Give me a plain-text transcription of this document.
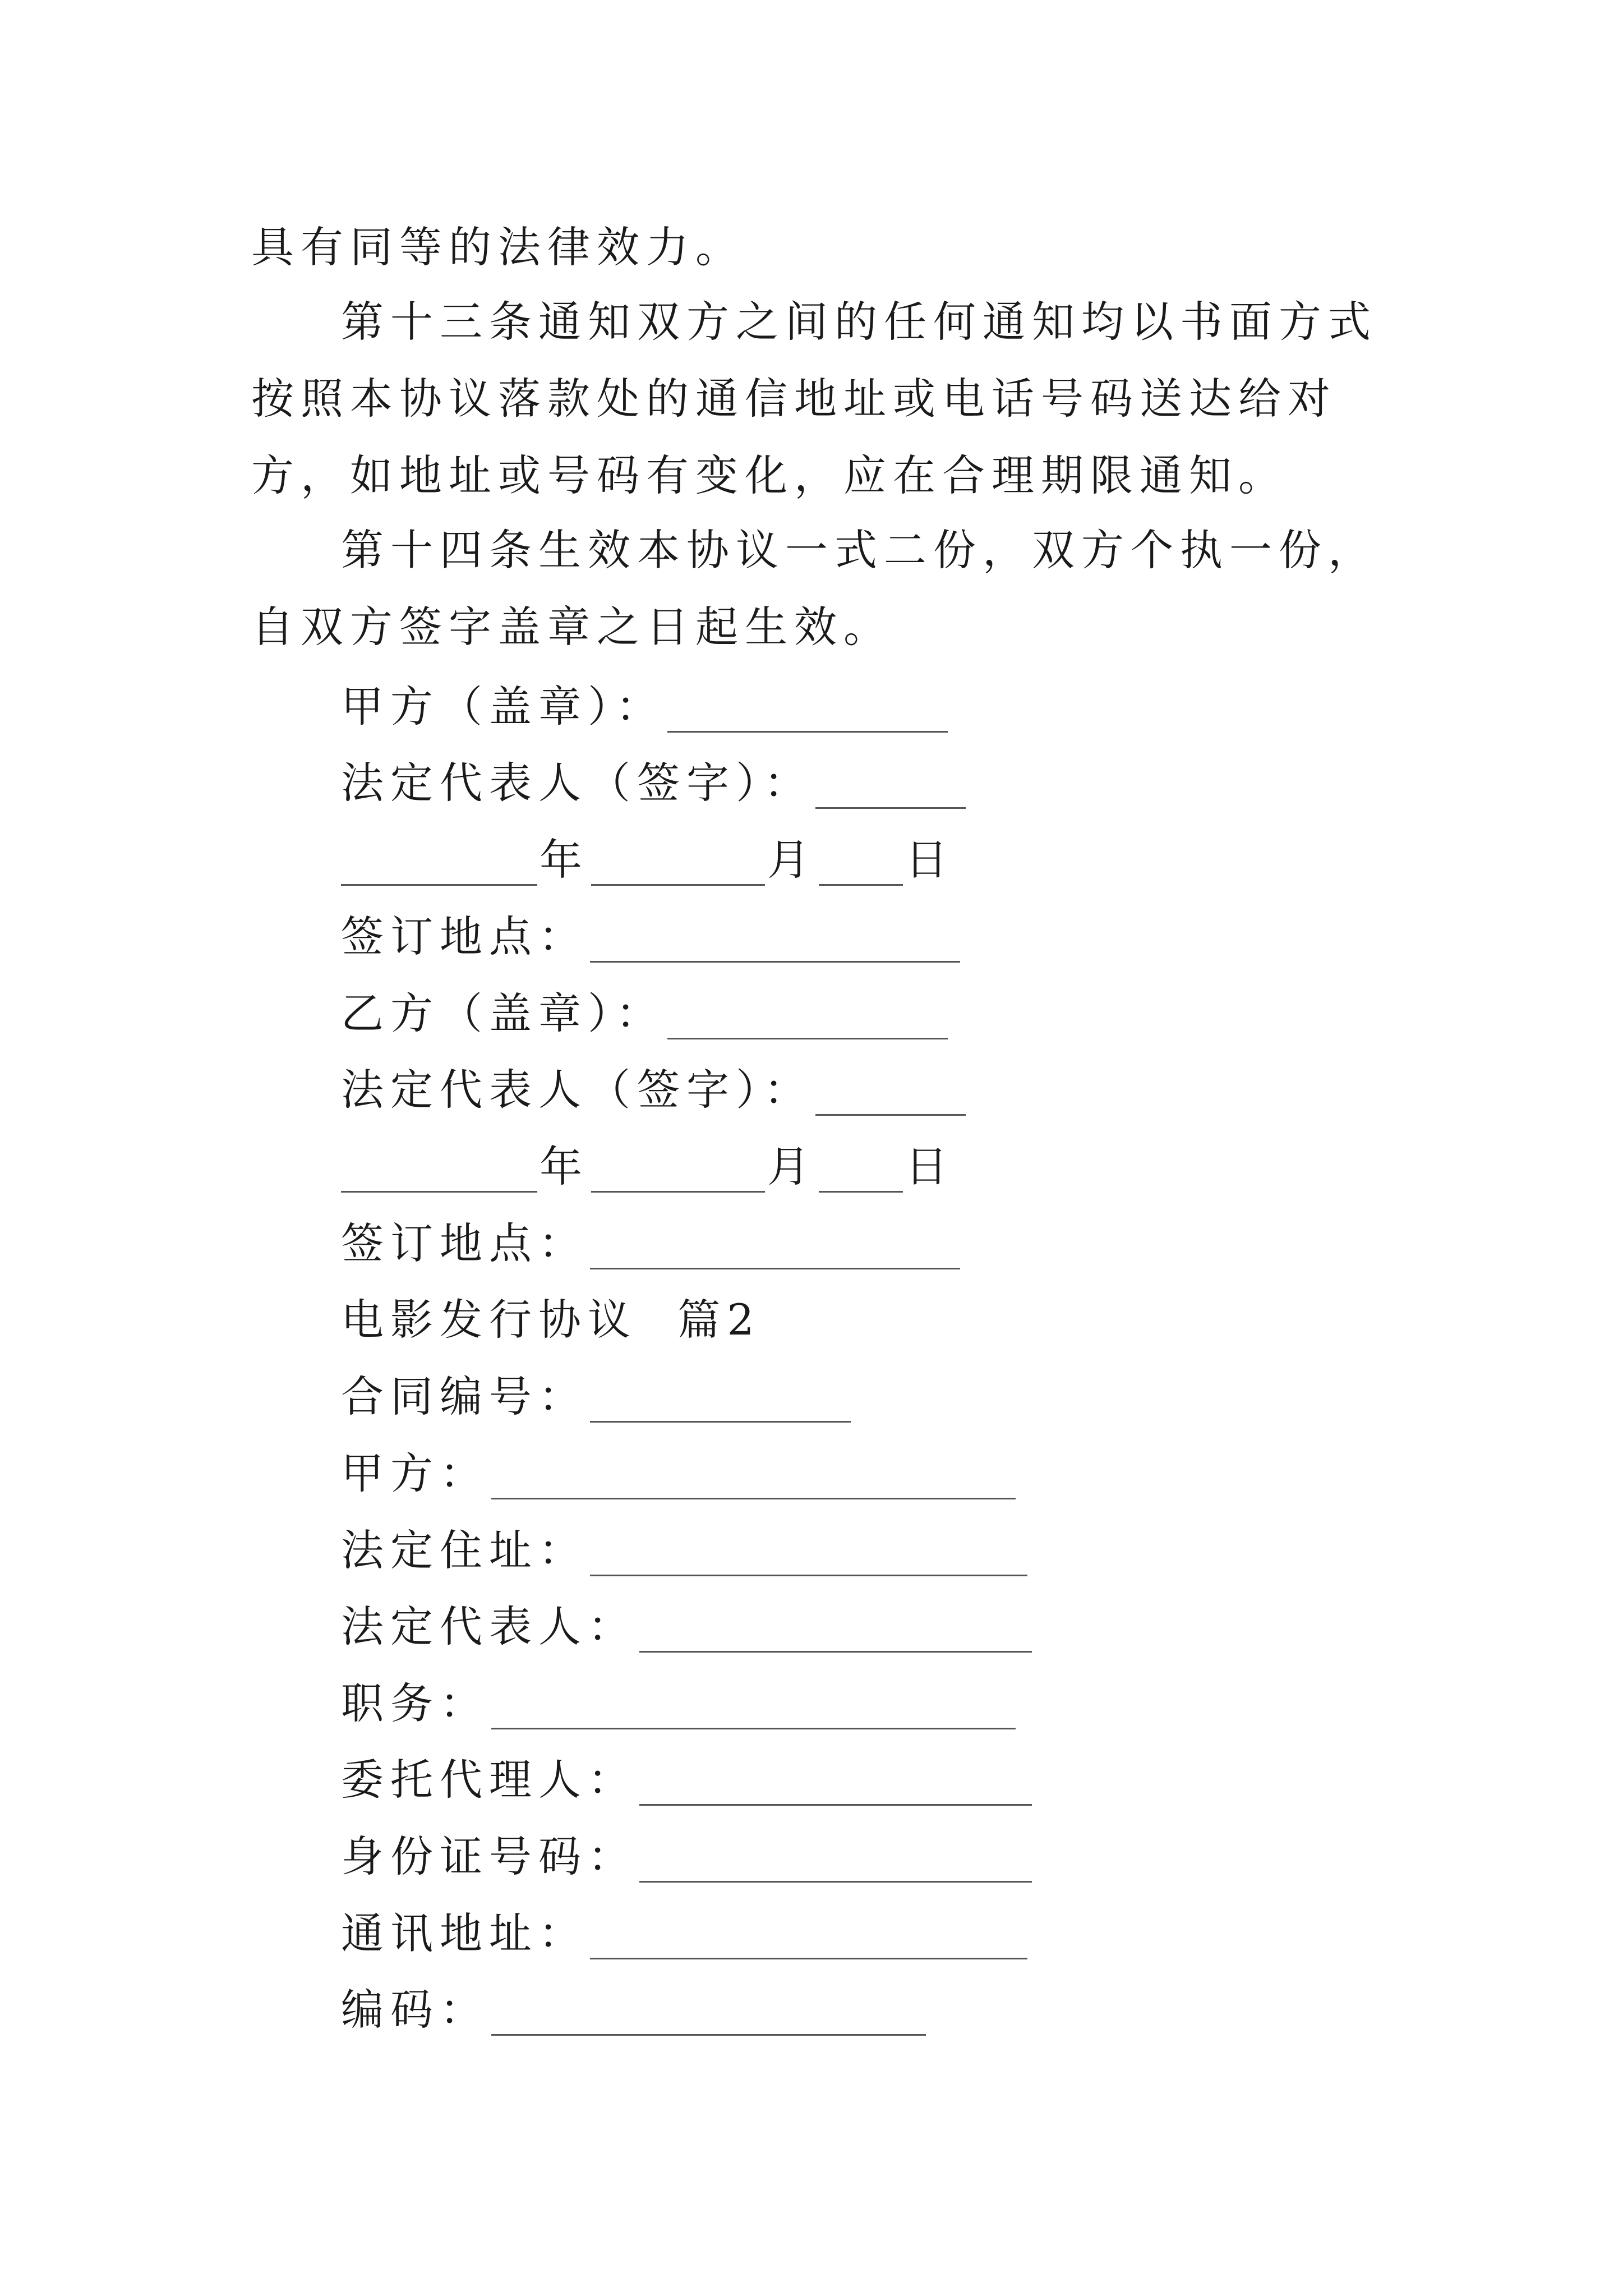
具有同等的法律效力。

第十三条通知双方之间的任何通知均以书面方式按照本协议落款处的通信地址或电话号码送达给对方，如地址或号码有变化，应在合理期限通知。

第十四条生效本协议一式二份，双方个执一份，自双方签字盖章之日起生效。

甲方（盖章）：
法定代表人（签字）：
年	月 日
签订地点：
乙方（盖章）：
法定代表人（签字）：
年	月 日
签订地点：
电影发行协议  篇2
合同编号：
甲方：
法定住址：
法定代表人：
职务：
委托代理人：
身份证号码：
通讯地址：
编码：
